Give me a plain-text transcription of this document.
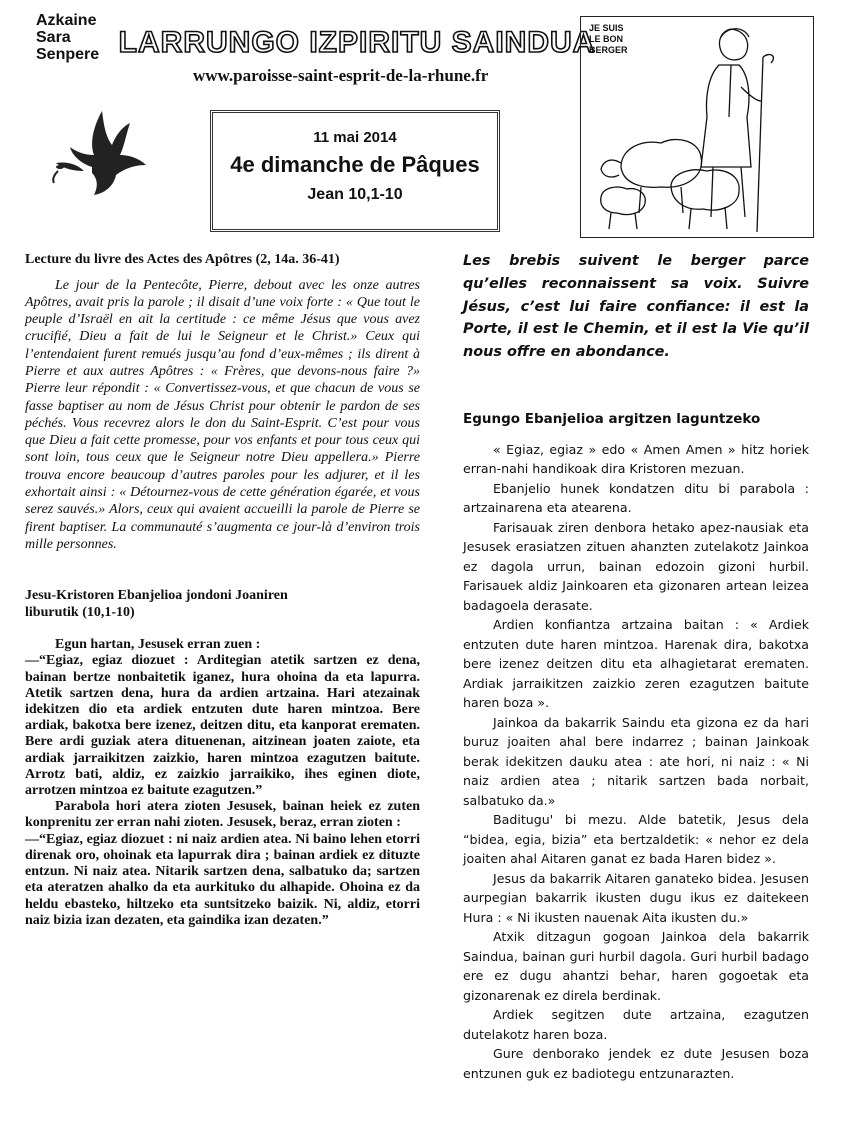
Azkaine
Sara
Senpere LARRUNGO IZPIRITU SAINDUA
www.paroisse-saint-esprit-de-la-rhune.fr
11 mai 2014
4e dimanche de Pâques
Jean 10,1-10
JE SUIS
LE BON
BERGER
Lecture du livre des Actes des Apôtres (2, 14a. 36-41)
Le jour de la Pentecôte, Pierre, debout avec les onze autres Apôtres, avait pris la parole ; il disait d’une voix forte : « Que tout le peuple d’Israël en ait la certitude : ce même Jésus que vous avez crucifié, Dieu a fait de lui le Seigneur et le Christ.» Ceux qui l’entendaient furent remués jusqu’au fond d’eux-mêmes ; ils dirent à Pierre et aux autres Apôtres : « Frères, que devons-nous faire ?» Pierre leur répondit : « Convertissez-vous, et que chacun de vous se fasse baptiser au nom de Jésus Christ pour obtenir le pardon de ses péchés. Vous recevrez alors le don du Saint-Esprit. C’est pour vous que Dieu a fait cette promesse, pour vos enfants et pour tous ceux qui sont loin, tous ceux que le Seigneur notre Dieu appellera.» Pierre trouva encore beaucoup d’autres paroles pour les adjurer, et il les exhortait ainsi : « Détournez-vous de cette génération égarée, et vous serez sauvés.» Alors, ceux qui avaient accueilli la parole de Pierre se firent baptiser. La communauté s’augmenta ce jour-là d’environ trois mille personnes.
Jesu-Kristoren Ebanjelioa jondoni Joaniren
liburutik (10,1-10)

Egun hartan, Jesusek erran zuen :

—“Egiaz, egiaz diozuet : Arditegian atetik sartzen ez dena, bainan bertze nonbaitetik iganez, hura ohoina da eta lapurra. Atetik sartzen dena, hura da ardien artzaina. Hari atezainak idekitzen dio eta ardiek entzuten dute haren mintzoa. Bere ardiak, bakotxa bere izenez, deitzen ditu, eta kanporat erematen. Bere ardi guziak atera dituenenan, aitzinean joaten zaiote, eta ardiak jarraikitzen zaizkio, haren mintzoa ezagutzen baitute. Arrotz bati, aldiz, ez zaizkio jarraikiko, ihes eginen diote, arrotzen mintzoa ez baitute ezagutzen.”

Parabola hori atera zioten Jesusek, bainan heiek ez zuten konprenitu zer erran nahi zioten. Jesusek, beraz, erran zioten :

—“Egiaz, egiaz diozuet : ni naiz ardien atea. Ni baino lehen etorri direnak oro, ohoinak eta lapurrak dira ; bainan ardiek ez dituzte entzun. Ni naiz atea. Nitarik sartzen dena, salbatuko da; sartzen eta ateratzen ahalko da eta aurkituko du alhapide. Ohoina ez da heldu ebasteko, hiltzeko eta suntsitzeko baizik. Ni, aldiz, etorri naiz bizia izan dezaten, eta gaindika izan dezaten.”

Les brebis suivent le berger parce qu’elles reconnaissent sa voix. Suivre Jésus, c’est lui faire confiance: il est la Porte, il est le Chemin, et il est la Vie qu’il nous offre en abondance.
Egungo Ebanjelioa argitzen laguntzeko

« Egiaz, egiaz » edo « Amen Amen » hitz horiek erran-nahi handikoak dira Kristoren mezuan.

Ebanjelio hunek kondatzen ditu bi parabola : artzainarena eta atearena.

Farisauak ziren denbora hetako apez-nausiak eta Jesusek erasiatzen zituen ahanzten zutelakotz Jainkoa ez dagola urrun, bainan edozoin gizoni hurbil. Farisauek aldiz Jainkoaren eta gizonaren artean leizea badagoela derasate.

Ardien konfiantza artzaina baitan : « Ardiek entzuten dute haren mintzoa. Harenak dira, bakotxa bere izenez deitzen ditu eta alhagietarat erematen. Ardiak jarraikitzen zaizkio zeren ezagutzen baitute haren boza ».

Jainkoa da bakarrik Saindu eta gizona ez da hari buruz joaiten ahal bere indarrez ; bainan Jainkoak berak idekitzen dauku atea : ate hori, ni naiz : « Ni naiz ardien atea ; nitarik sartzen bada norbait, salbatuko da.»

Badituguꞌ bi mezu. Alde batetik, Jesus dela “bidea, egia, bizia” eta bertzaldetik: « nehor ez dela joaiten ahal Aitaren ganat ez bada Haren bidez ».

Jesus da bakarrik Aitaren ganateko bidea. Jesusen aurpegian bakarrik ikusten dugu ikus ez daitekeen Hura : « Ni ikusten nauenak Aita ikusten du.»

Atxik ditzagun gogoan Jainkoa dela bakarrik Saindua, bainan guri hurbil dagola. Guri hurbil badago ere ez dugu ahantzi behar, haren gogoetak eta gizonarenak ez direla berdinak.

Ardiek segitzen dute artzaina, ezagutzen dutelakotz haren boza.

Gure denborako jendek ez dute Jesusen boza entzunen guk ez badiotegu entzunarazten.
